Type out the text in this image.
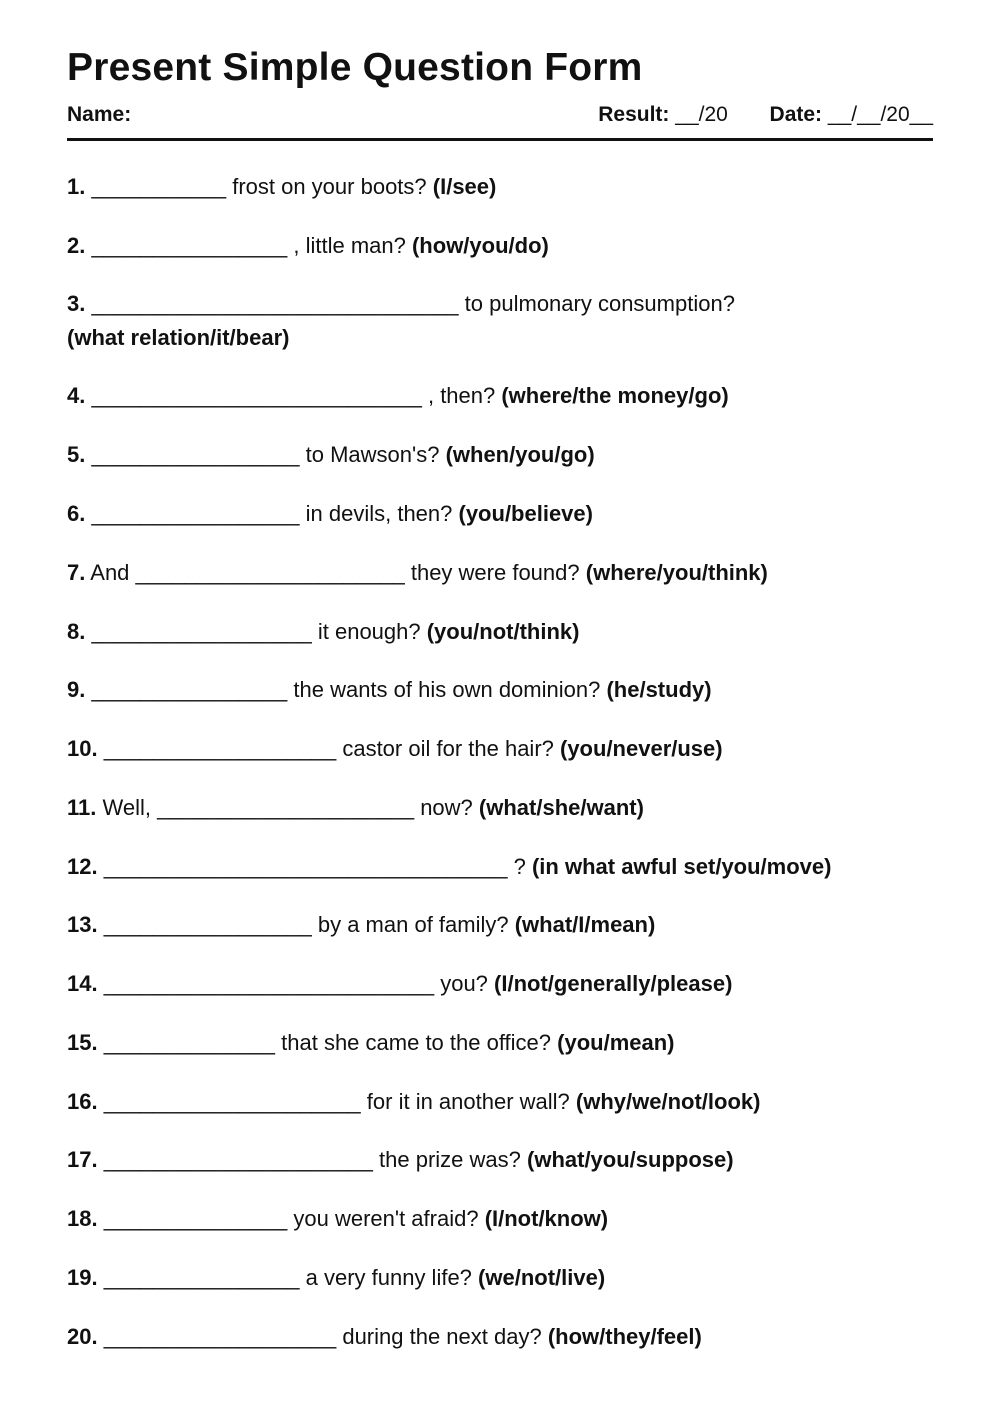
Present Simple Question Form
Name:	Result: __/20 Date: __/__/20__
1. ___________ frost on your boots? (I/see)
2. ________________ , little man? (how/you/do)
3. ______________________________ to pulmonary consumption?
(what relation/it/bear)
4. ___________________________ , then? (where/the money/go)
5. _________________ to Mawson's? (when/you/go)
6. _________________ in devils, then? (you/believe)
7. And ______________________ they were found? (where/you/think)
8. __________________ it enough? (you/not/think)
9. ________________ the wants of his own dominion? (he/study)
10. ___________________ castor oil for the hair? (you/never/use)
11. Well, _____________________ now? (what/she/want)
12. _________________________________ ? (in what awful set/you/move)
13. _________________ by a man of family? (what/I/mean)
14. ___________________________ you? (I/not/generally/please)
15. ______________ that she came to the office? (you/mean)
16. _____________________ for it in another wall? (why/we/not/look)
17. ______________________ the prize was? (what/you/suppose)
18. _______________ you weren't afraid? (I/not/know)
19. ________________ a very funny life? (we/not/live)
20. ___________________ during the next day? (how/they/feel)
